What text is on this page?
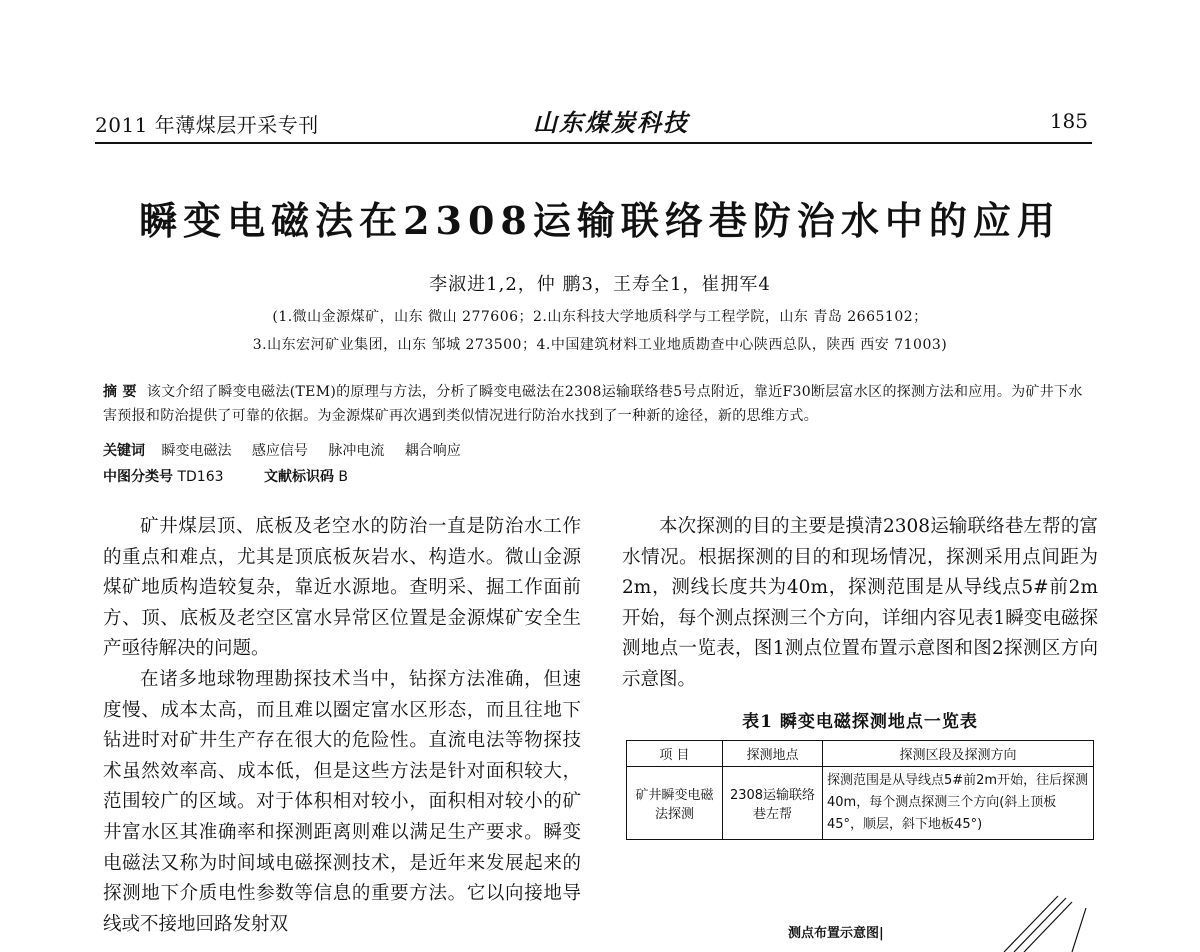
2011 年薄煤层开采专刊	山东煤炭科技	185
瞬变电磁法在2308运输联络巷防治水中的应用
李淑进1,2，仲 鹏3，王寿全1，崔拥军4
(1.微山金源煤矿，山东 微山 277606；2.山东科技大学地质科学与工程学院，山东 青岛 2665102；
3.山东宏河矿业集团，山东 邹城 273500；4.中国建筑材料工业地质勘查中心陕西总队，陕西 西安 71003)
摘 要 该文介绍了瞬变电磁法(TEM)的原理与方法，分析了瞬变电磁法在2308运输联络巷5号点附近，靠近F30断层富水区的探测方法和应用。为矿井下水害预报和防治提供了可靠的依据。为金源煤矿再次遇到类似情况进行防治水找到了一种新的途径，新的思维方式。
关键词 瞬变电磁法 感应信号 脉冲电流 耦合响应
中图分类号 TD163	文献标识码 B

矿井煤层顶、底板及老空水的防治一直是防治水工作的重点和难点，尤其是顶底板灰岩水、构造水。微山金源煤矿地质构造较复杂，靠近水源地。查明采、掘工作面前方、顶、底板及老空区富水异常区位置是金源煤矿安全生产亟待解决的问题。

在诸多地球物理勘探技术当中，钻探方法准确，但速度慢、成本太高，而且难以圈定富水区形态，而且往地下钻进时对矿井生产存在很大的危险性。直流电法等物探技术虽然效率高、成本低，但是这些方法是针对面积较大，范围较广的区域。对于体积相对较小，面积相对较小的矿井富水区其准确率和探测距离则难以满足生产要求。瞬变电磁法又称为时间域电磁探测技术，是近年来发展起来的探测地下介质电性参数等信息的重要方法。它以向接地导线或不接地回路发射双

本次探测的目的主要是摸清2308运输联络巷左帮的富水情况。根据探测的目的和现场情况，探测采用点间距为2m，测线长度共为40m，探测范围是从导线点5#前2m开始，每个测点探测三个方向，详细内容见表1瞬变电磁探测地点一览表，图1测点位置布置示意图和图2探测区方向示意图。

表1 瞬变电磁探测地点一览表
项 目	探测地点	探测区段及探测方向
矿井瞬变电磁法探测	2308运输联络巷左帮	探测范围是从导线点5#前2m开始，往后探测40m，每个测点探测三个方向(斜上顶板45°，顺层，斜下地板45°)
测点布置示意图|
